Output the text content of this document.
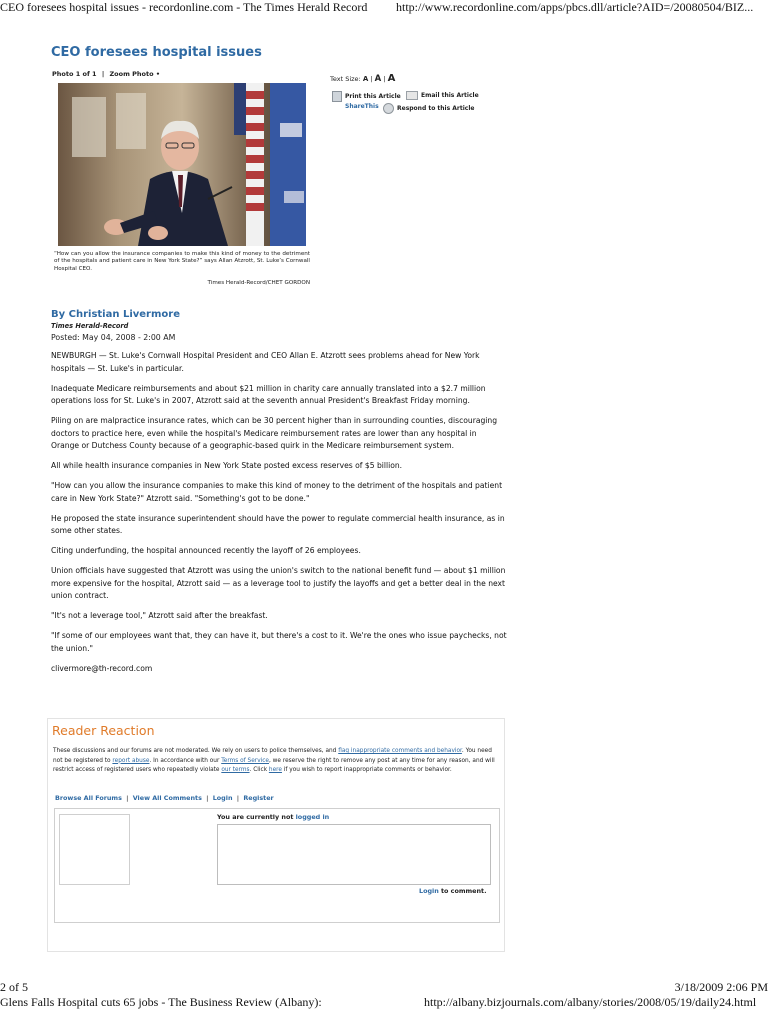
CEO foresees hospital issues - recordonline.com - The Times Herald Record http://www.recordonline.com/apps/pbcs.dll/article?AID=/20080504/BIZ...
CEO foresees hospital issues
Photo 1 of 1 | Zoom Photo •
“How can you allow the insurance companies to make this kind of money to the detriment of the hospitals and patient care in New York State?” says Allan Atzrott, St. Luke’s Cornwall Hospital CEO.
Times Herald-Record/CHET GORDON
Text Size: A | A | A
Print this Article	Email this Article
ShareThis	Respond to this Article
By Christian Livermore
Times Herald-Record
Posted: May 04, 2008 - 2:00 AM

NEWBURGH — St. Luke's Cornwall Hospital President and CEO Allan E. Atzrott sees problems ahead for New York hospitals — St. Luke's in particular.

Inadequate Medicare reimbursements and about $21 million in charity care annually translated into a $2.7 million operations loss for St. Luke's in 2007, Atzrott said at the seventh annual President's Breakfast Friday morning.

Piling on are malpractice insurance rates, which can be 30 percent higher than in surrounding counties, discouraging doctors to practice here, even while the hospital's Medicare reimbursement rates are lower than any hospital in Orange or Dutchess County because of a geographic-based quirk in the Medicare reimbursement system.

All while health insurance companies in New York State posted excess reserves of $5 billion.

"How can you allow the insurance companies to make this kind of money to the detriment of the hospitals and patient care in New York State?" Atzrott said. "Something's got to be done."

He proposed the state insurance superintendent should have the power to regulate commercial health insurance, as in some other states.

Citing underfunding, the hospital announced recently the layoff of 26 employees.

Union officials have suggested that Atzrott was using the union's switch to the national benefit fund — about $1 million more expensive for the hospital, Atzrott said — as a leverage tool to justify the layoffs and get a better deal in the next union contract.

"It's not a leverage tool," Atzrott said after the breakfast.

"If some of our employees want that, they can have it, but there's a cost to it. We're the ones who issue paychecks, not the union."

clivermore@th-record.com

Reader Reaction
These discussions and our forums are not moderated. We rely on users to police themselves, and flag inappropriate comments and behavior. You need not be registered to report abuse. In accordance with our Terms of Service, we reserve the right to remove any post at any time for any reason, and will restrict access of registered users who repeatedly violate our terms. Click here if you wish to report inappropriate comments or behavior.
Browse All Forums | View All Comments | Login | Register
You are currently not logged in
Login to comment.
2 of 5	3/18/2009 2:06 PM
Glens Falls Hospital cuts 65 jobs - The Business Review (Albany):	http://albany.bizjournals.com/albany/stories/2008/05/19/daily24.html
